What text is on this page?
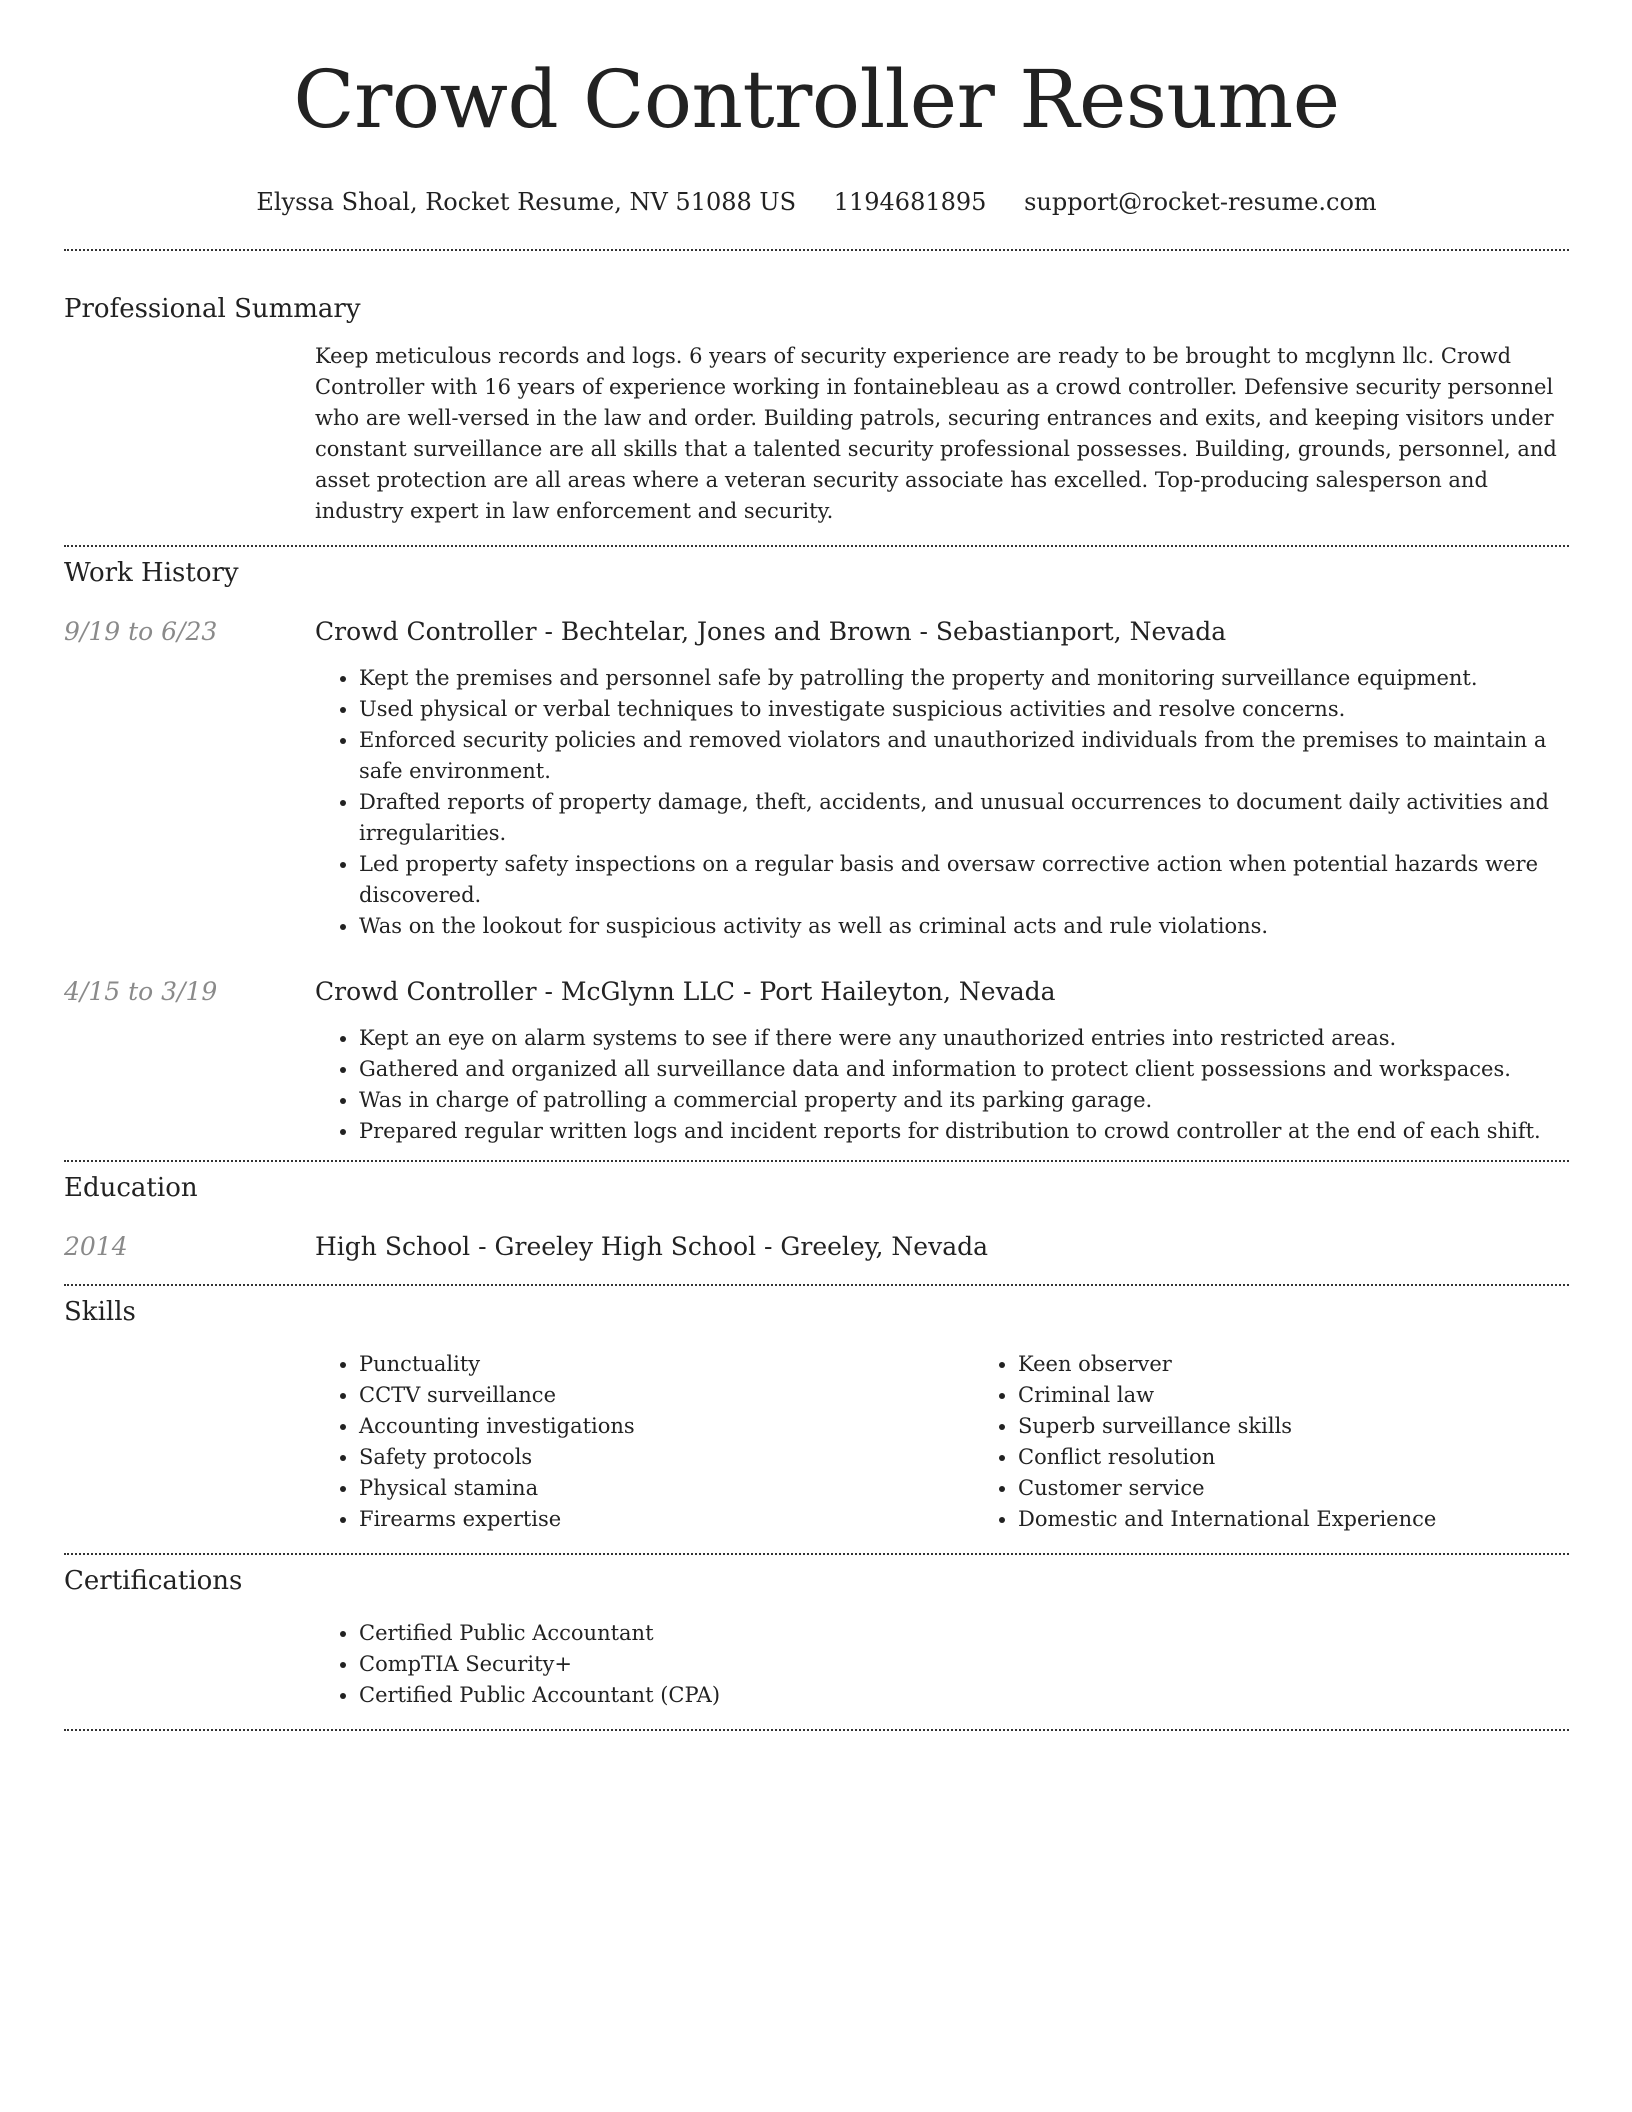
Crowd Controller Resume
Elyssa Shoal, Rocket Resume, NV 51088 US 1194681895 support@rocket-resume.com
Professional Summary
Keep meticulous records and logs. 6 years of security experience are ready to be brought to mcglynn llc. Crowd Controller with 16 years of experience working in fontainebleau as a crowd controller. Defensive security personnel who are well-versed in the law and order. Building patrols, securing entrances and exits, and keeping visitors under constant surveillance are all skills that a talented security professional possesses. Building, grounds, personnel, and asset protection are all areas where a veteran security associate has excelled. Top-producing salesperson and industry expert in law enforcement and security.
Work History
9/19 to 6/23	Crowd Controller - Bechtelar, Jones and Brown - Sebastianport, Nevada
• Kept the premises and personnel safe by patrolling the property and monitoring surveillance equipment.
• Used physical or verbal techniques to investigate suspicious activities and resolve concerns.
• Enforced security policies and removed violators and unauthorized individuals from the premises to maintain a safe environment.
• Drafted reports of property damage, theft, accidents, and unusual occurrences to document daily activities and irregularities.
• Led property safety inspections on a regular basis and oversaw corrective action when potential hazards were discovered.
• Was on the lookout for suspicious activity as well as criminal acts and rule violations.
4/15 to 3/19	Crowd Controller - McGlynn LLC - Port Haileyton, Nevada
• Kept an eye on alarm systems to see if there were any unauthorized entries into restricted areas.
• Gathered and organized all surveillance data and information to protect client possessions and workspaces.
• Was in charge of patrolling a commercial property and its parking garage.
• Prepared regular written logs and incident reports for distribution to crowd controller at the end of each shift.
Education
2014	High School - Greeley High School - Greeley, Nevada
Skills
• Punctuality
• CCTV surveillance
• Accounting investigations
• Safety protocols
• Physical stamina
• Firearms expertise
• Keen observer
• Criminal law
• Superb surveillance skills
• Conflict resolution
• Customer service
• Domestic and International Experience
Certifications
• Certified Public Accountant
• CompTIA Security+
• Certified Public Accountant (CPA)
